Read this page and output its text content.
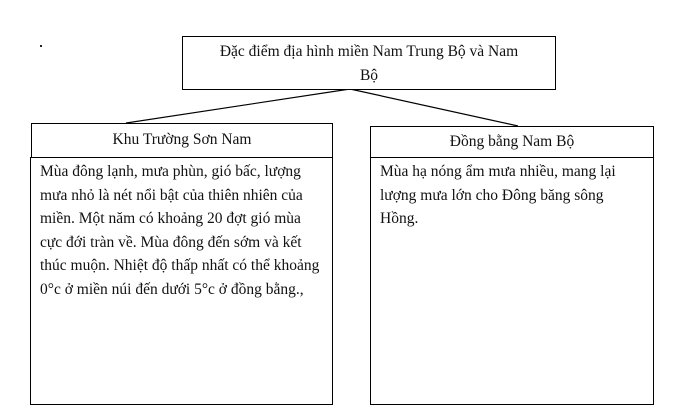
Đặc điểm địa hình miền Nam Trung Bộ và Nam
Bộ
Khu Trường Sơn Nam
Mùa đông lạnh, mưa phùn, gió bấc, lượng mưa nhỏ là nét nổi bật của thiên nhiên của miền. Một năm có khoảng 20 đợt gió mùa cực đới tràn về. Mùa đông đến sớm và kết thúc muộn. Nhiệt độ thấp nhất có thể khoảng 0°c ở miền núi đến dưới 5°c ở đồng bằng.,
Đồng bằng Nam Bộ
Mùa hạ nóng ẩm mưa nhiều, mang lại lượng mưa lớn cho Đông băng sông Hồng.
